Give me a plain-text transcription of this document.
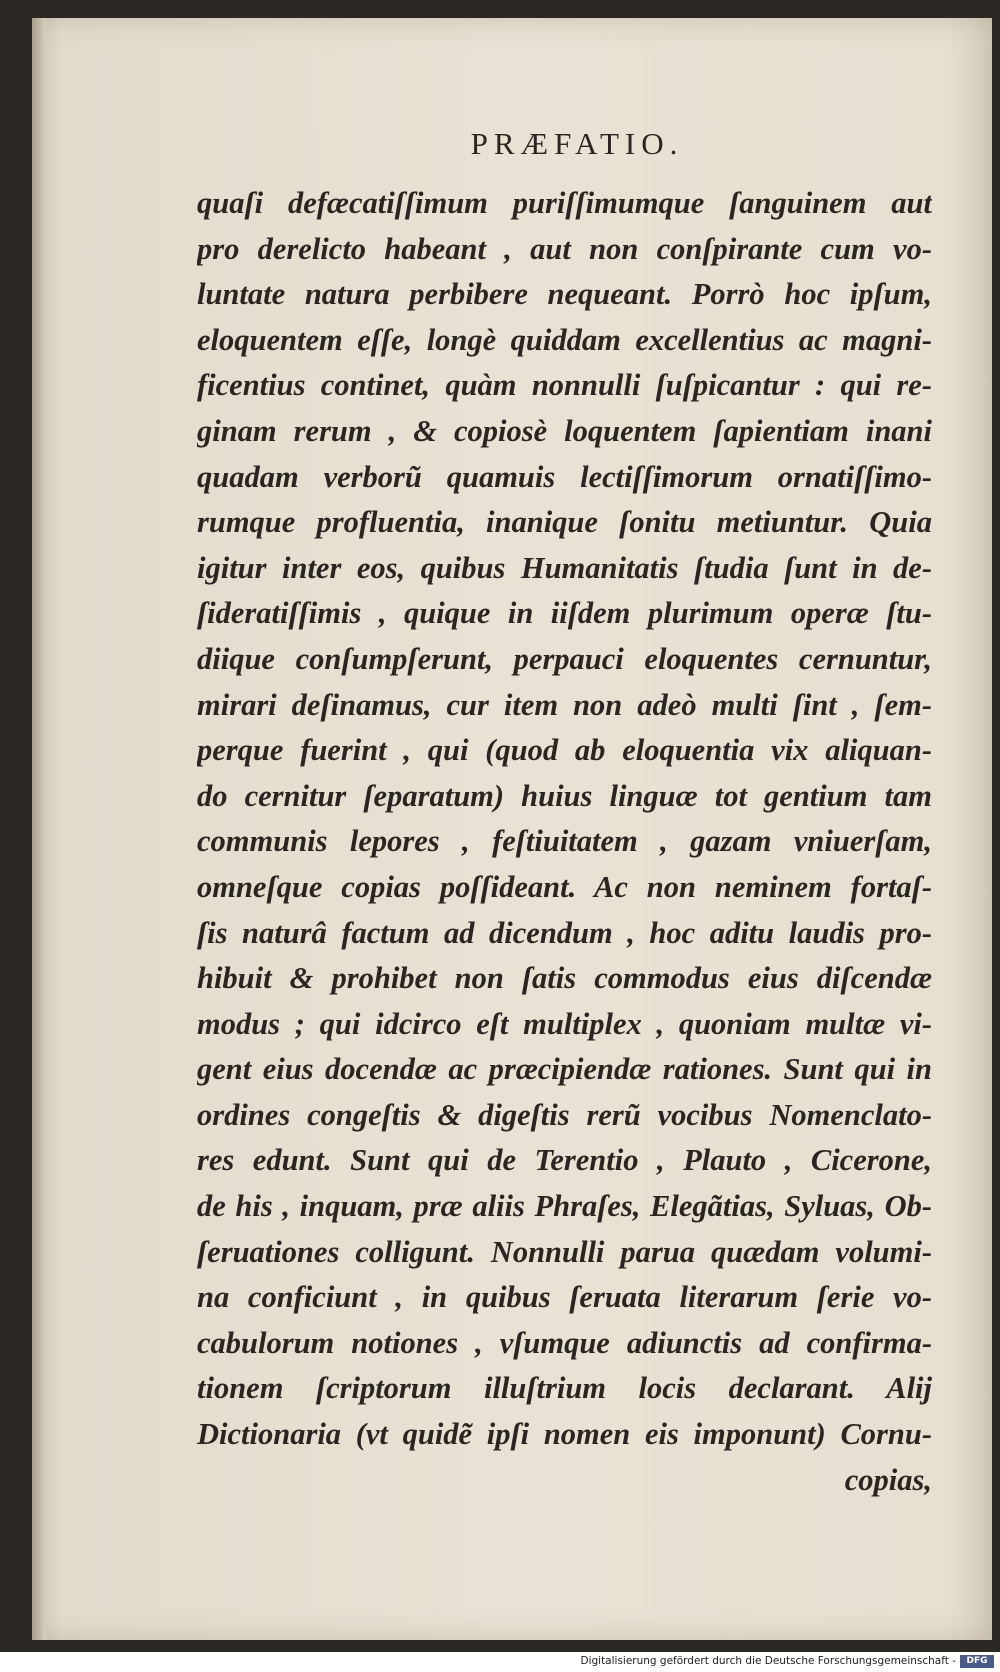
PRÆFATIO.
quaſi defæcatiſſimum puriſſimumque ſanguinem aut
pro derelicto habeant , aut non conſpirante cum vo-
luntate natura perbibere nequeant. Porrò hoc ipſum,
eloquentem eſſe, longè quiddam excellentius ac magni-
ficentius continet, quàm nonnulli ſuſpicantur : qui re-
ginam rerum , & copiosè loquentem ſapientiam inani
quadam verborũ quamuis lectiſſimorum ornatiſſimo-
rumque profluentia, inanique ſonitu metiuntur. Quia
igitur inter eos, quibus Humanitatis ſtudia ſunt in de-
ſideratiſſimis , quique in iiſdem plurimum operæ ſtu-
diique conſumpſerunt, perpauci eloquentes cernuntur,
mirari deſinamus, cur item non adeò multi ſint , ſem-
perque fuerint , qui (quod ab eloquentia vix aliquan-
do cernitur ſeparatum) huius linguæ tot gentium tam
communis lepores , feſtiuitatem , gazam vniuerſam,
omneſque copias poſſideant. Ac non neminem fortaſ-
ſis naturâ factum ad dicendum , hoc aditu laudis pro-
hibuit & prohibet non ſatis commodus eius diſcendæ
modus ; qui idcirco eſt multiplex , quoniam multæ vi-
gent eius docendæ ac præcipiendæ rationes. Sunt qui in
ordines congeſtis & digeſtis rerũ vocibus Nomenclato-
res edunt. Sunt qui de Terentio , Plauto , Cicerone,
de his , inquam, præ aliis Phraſes, Elegãtias, Syluas, Ob-
ſeruationes colligunt. Nonnulli parua quædam volumi-
na conficiunt , in quibus ſeruata literarum ſerie vo-
cabulorum notiones , vſumque adiunctis ad confirma-
tionem ſcriptorum illuſtrium locis declarant. Alij
Dictionaria (vt quidẽ ipſi nomen eis imponunt) Cornu-
copias,
Digitalisierung gefördert durch die Deutsche Forschungsgemeinschaft -	DFG
